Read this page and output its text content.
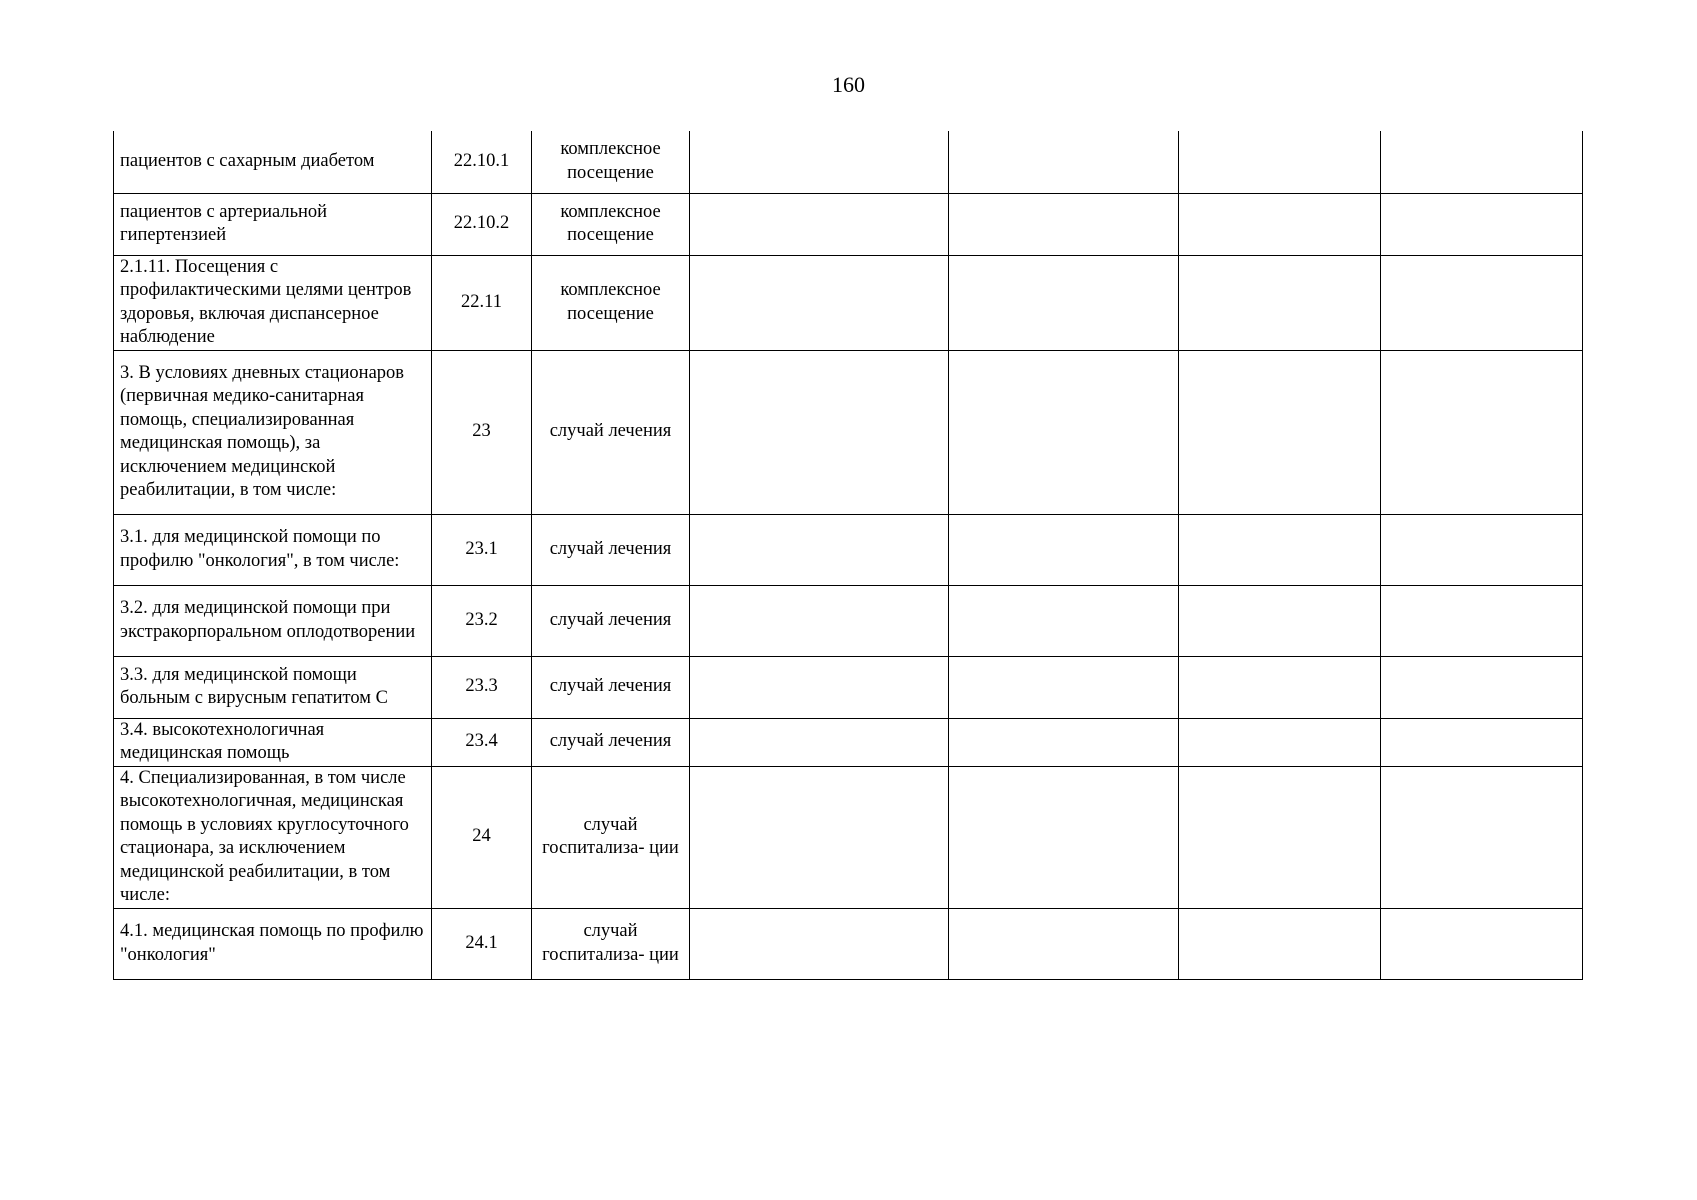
160
пациентов с сахарным диабетом	22.10.1	комплексное посещение				
пациентов с артериальной гипертензией	22.10.2	комплексное посещение				
2.1.11. Посещения с профилактическими целями центров здоровья, включая диспансерное наблюдение	22.11	комплексное посещение				
3. В условиях дневных стационаров (первичная медико-санитарная помощь, специализированная медицинская помощь), за исключением медицинской реабилитации, в том числе:	23	случай лечения				
3.1. для медицинской помощи по профилю "онкология", в том числе:	23.1	случай лечения				
3.2. для медицинской помощи при экстракорпоральном оплодотворении	23.2	случай лечения				
3.3. для медицинской помощи больным с вирусным гепатитом С	23.3	случай лечения				
3.4. высокотехнологичная медицинская помощь	23.4	случай лечения				
4. Специализированная, в том числе высокотехнологичная, медицинская помощь в условиях круглосуточного стационара, за исключением медицинской реабилитации, в том числе:	24	случай госпитализа- ции				
4.1. медицинская помощь по профилю "онкология"	24.1	случай госпитализа- ции				
